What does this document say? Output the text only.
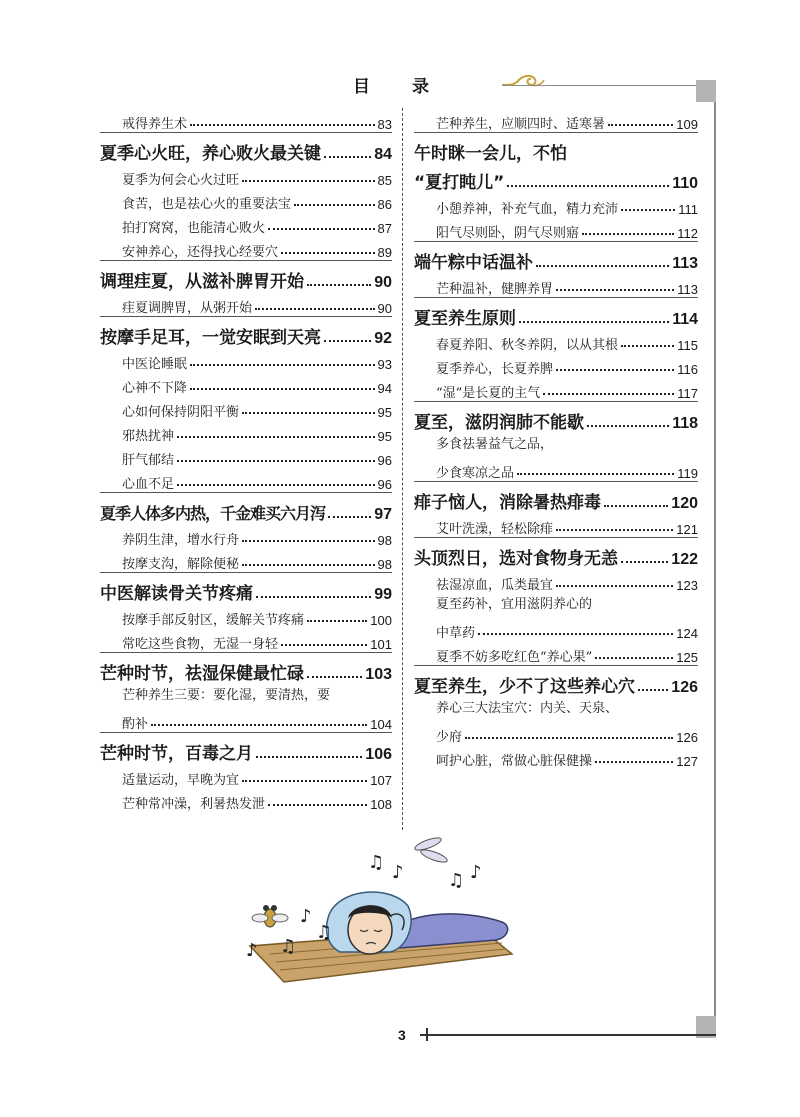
目 录
戒得养生术	83
夏季心火旺，养心败火最关键	84
夏季为何会心火过旺	85
食苦，也是祛心火的重要法宝	86
拍打窝窝，也能清心败火	87
安神养心，还得找心经要穴	89
调理疰夏，从滋补脾胃开始	90
疰夏调脾胃，从粥开始	90
按摩手足耳，一觉安眠到天亮	92
中医论睡眠	93
心神不下降	94
心如何保持阴阳平衡	95
邪热扰神	95
肝气郁结	96
心血不足	96
夏季人体多内热，千金难买六月泻	97
养阴生津，增水行舟	98
按摩支沟，解除便秘	98
中医解读骨关节疼痛	99
按摩手部反射区，缓解关节疼痛	100
常吃这些食物，无湿一身轻	101
芒种时节，祛湿保健最忙碌	103
芒种养生三要：要化湿，要清热，要
酌补	104
芒种时节，百毒之月	106
适量运动，早晚为宜	107
芒种常冲澡，利暑热发泄	108
芒种养生，应顺四时、适寒暑	109
午时眯一会儿，不怕
“夏打盹儿”	110
小憩养神，补充气血，精力充沛	111
阳气尽则卧，阴气尽则寤	112
端午粽中话温补	113
芒种温补，健脾养胃	113
夏至养生原则	114
春夏养阳、秋冬养阴，以从其根	115
夏季养心，长夏养脾	116
“湿”是长夏的主气	117
夏至，滋阴润肺不能歇	118
多食祛暑益气之品，
少食寒凉之品	119
痱子恼人，消除暑热痱毒	120
艾叶洗澡，轻松除痱	121
头顶烈日，选对食物身无恙	122
祛湿凉血，瓜类最宜	123
夏至药补，宜用滋阴养心的
中草药	124
夏季不妨多吃红色“养心果”	125
夏至养生，少不了这些养心穴 126
养心三大法宝穴：内关、天泉、
少府	126
呵护心脏，常做心脏保健操	127
♫ ♪ ♫ ♪
♪
♫
♪ ♫
3
